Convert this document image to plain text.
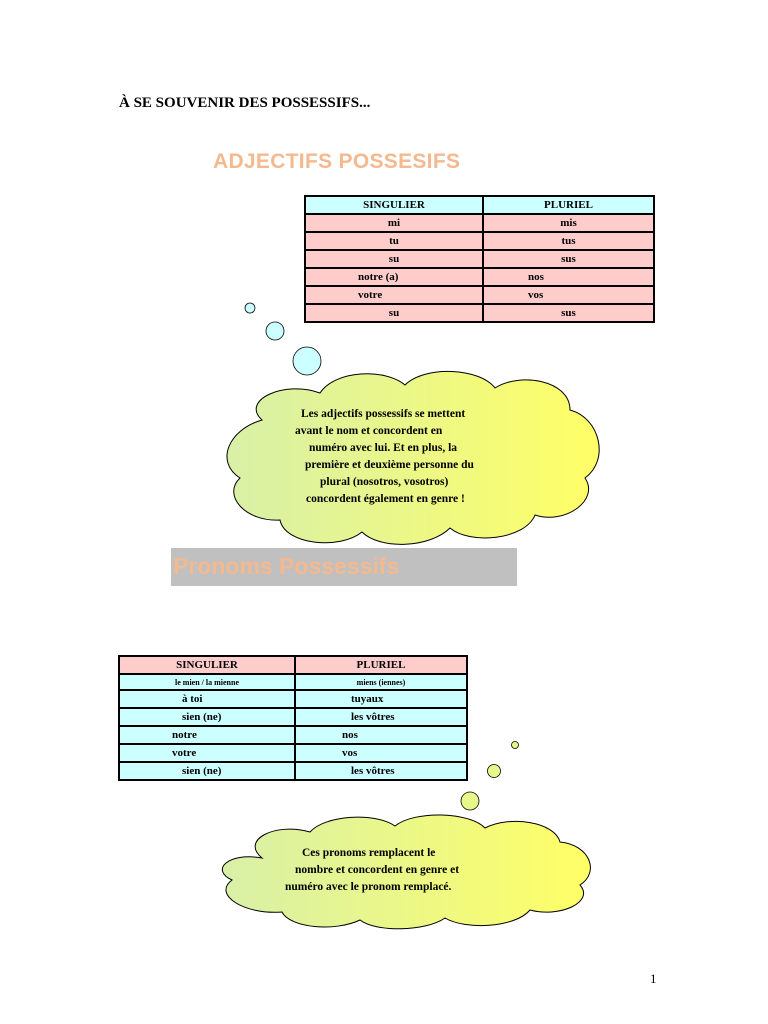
À SE SOUVENIR DES POSSESSIFS...
ADJECTIFS POSSESIFS
SINGULIER	PLURIEL
mi	mis
tu	tus
su	sus
notre (a)	nos
votre	vos
su	sus
Les adjectifs possessifs se mettent
avant le nom et concordent en
numéro avec lui. Et en plus, la
première et deuxième personne du
plural (nosotros, vosotros)
concordent également en genre !
Pronoms Possessifs
SINGULIER	PLURIEL
le mien / la mienne	miens (iennes)
à toi	tuyaux
sien (ne)	les vôtres
notre	nos
votre	vos
sien (ne)	les vôtres
Ces pronoms remplacent le
nombre et concordent en genre et
numéro avec le pronom remplacé.
1
